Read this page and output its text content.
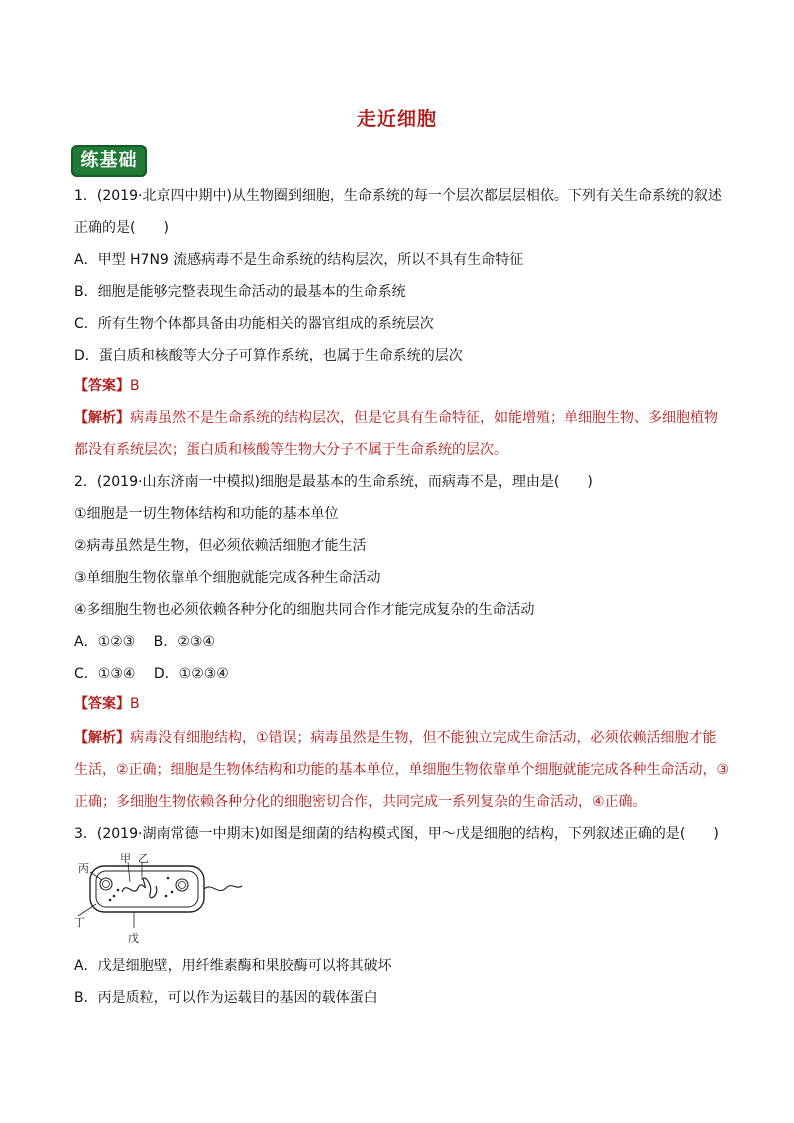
走近细胞
练基础
1．(2019·北京四中期中)从生物圈到细胞，生命系统的每一个层次都层层相依。下列有关生命系统的叙述
正确的是(　　)
A．甲型 H7N9 流感病毒不是生命系统的结构层次，所以不具有生命特征
B．细胞是能够完整表现生命活动的最基本的生命系统
C．所有生物个体都具备由功能相关的器官组成的系统层次
D．蛋白质和核酸等大分子可算作系统，也属于生命系统的层次
【答案】B
【解析】病毒虽然不是生命系统的结构层次，但是它具有生命特征，如能增殖；单细胞生物、多细胞植物
都没有系统层次；蛋白质和核酸等生物大分子不属于生命系统的层次。
2．(2019·山东济南一中模拟)细胞是最基本的生命系统，而病毒不是，理由是(　　)
①细胞是一切生物体结构和功能的基本单位
②病毒虽然是生物，但必须依赖活细胞才能生活
③单细胞生物依靠单个细胞就能完成各种生命活动
④多细胞生物也必须依赖各种分化的细胞共同合作才能完成复杂的生命活动
A．①②③　 B．②③④
C．①③④　 D．①②③④
【答案】B
【解析】病毒没有细胞结构，①错误；病毒虽然是生物，但不能独立完成生命活动，必须依赖活细胞才能
生活，②正确；细胞是生物体结构和功能的基本单位，单细胞生物依靠单个细胞就能完成各种生命活动，③
正确；多细胞生物依赖各种分化的细胞密切合作，共同完成一系列复杂的生命活动，④正确。
3．(2019·湖南常德一中期末)如图是细菌的结构模式图，甲～戊是细胞的结构，下列叙述正确的是(　　)
丙
甲 乙
丁
戊
A．戊是细胞壁，用纤维素酶和果胶酶可以将其破坏
B．丙是质粒，可以作为运载目的基因的载体蛋白
